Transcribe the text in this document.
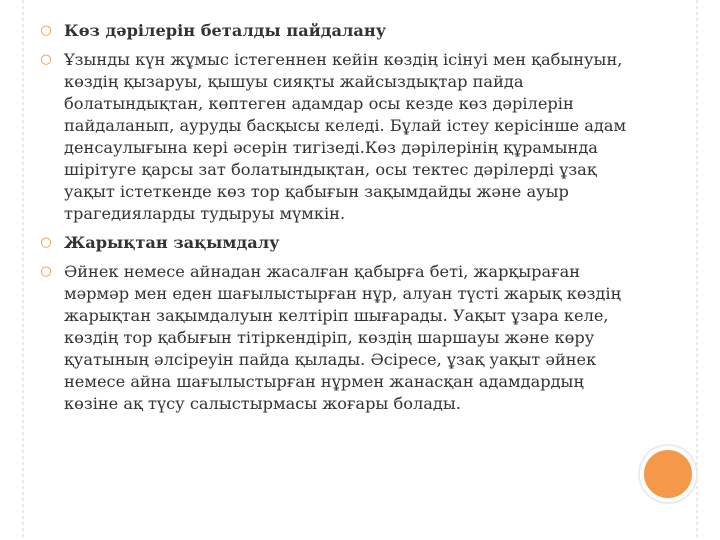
○ Көз дәрілерін беталды пайдалану
○ Ұзынды күн жұмыс істегеннен кейін көздің ісінуі мен қабынуын, көздің қызаруы, қышуы сияқты жайсыздықтар пайда болатындықтан, көптеген адамдар осы кезде көз дәрілерін пайдаланып, ауруды басқысы келеді. Бұлай істеу керісінше адам денсаулығына кері әсерін тигізеді.Көз дәрілерінің құрамында шірітуге қарсы зат болатындықтан, осы тектес дәрілерді ұзақ уақыт істеткенде көз тор қабығын зақымдайды және ауыр трагедияларды тудыруы мүмкін.
○ Жарықтан зақымдалу
○ Әйнек немесе айнадан жасалған қабырға беті, жарқыраған мәрмәр мен еден шағылыстырған нұр, алуан түсті жарық көздің жарықтан зақымдалуын келтіріп шығарады. Уақыт ұзара келе, көздің тор қабығын тітіркендіріп, көздің шаршауы және көру қуатының әлсіреуін пайда қылады. Әсіресе, ұзақ уақыт әйнек немесе айна шағылыстырған нұрмен жанасқан адамдардың көзіне ақ түсу салыстырмасы жоғары болады.
